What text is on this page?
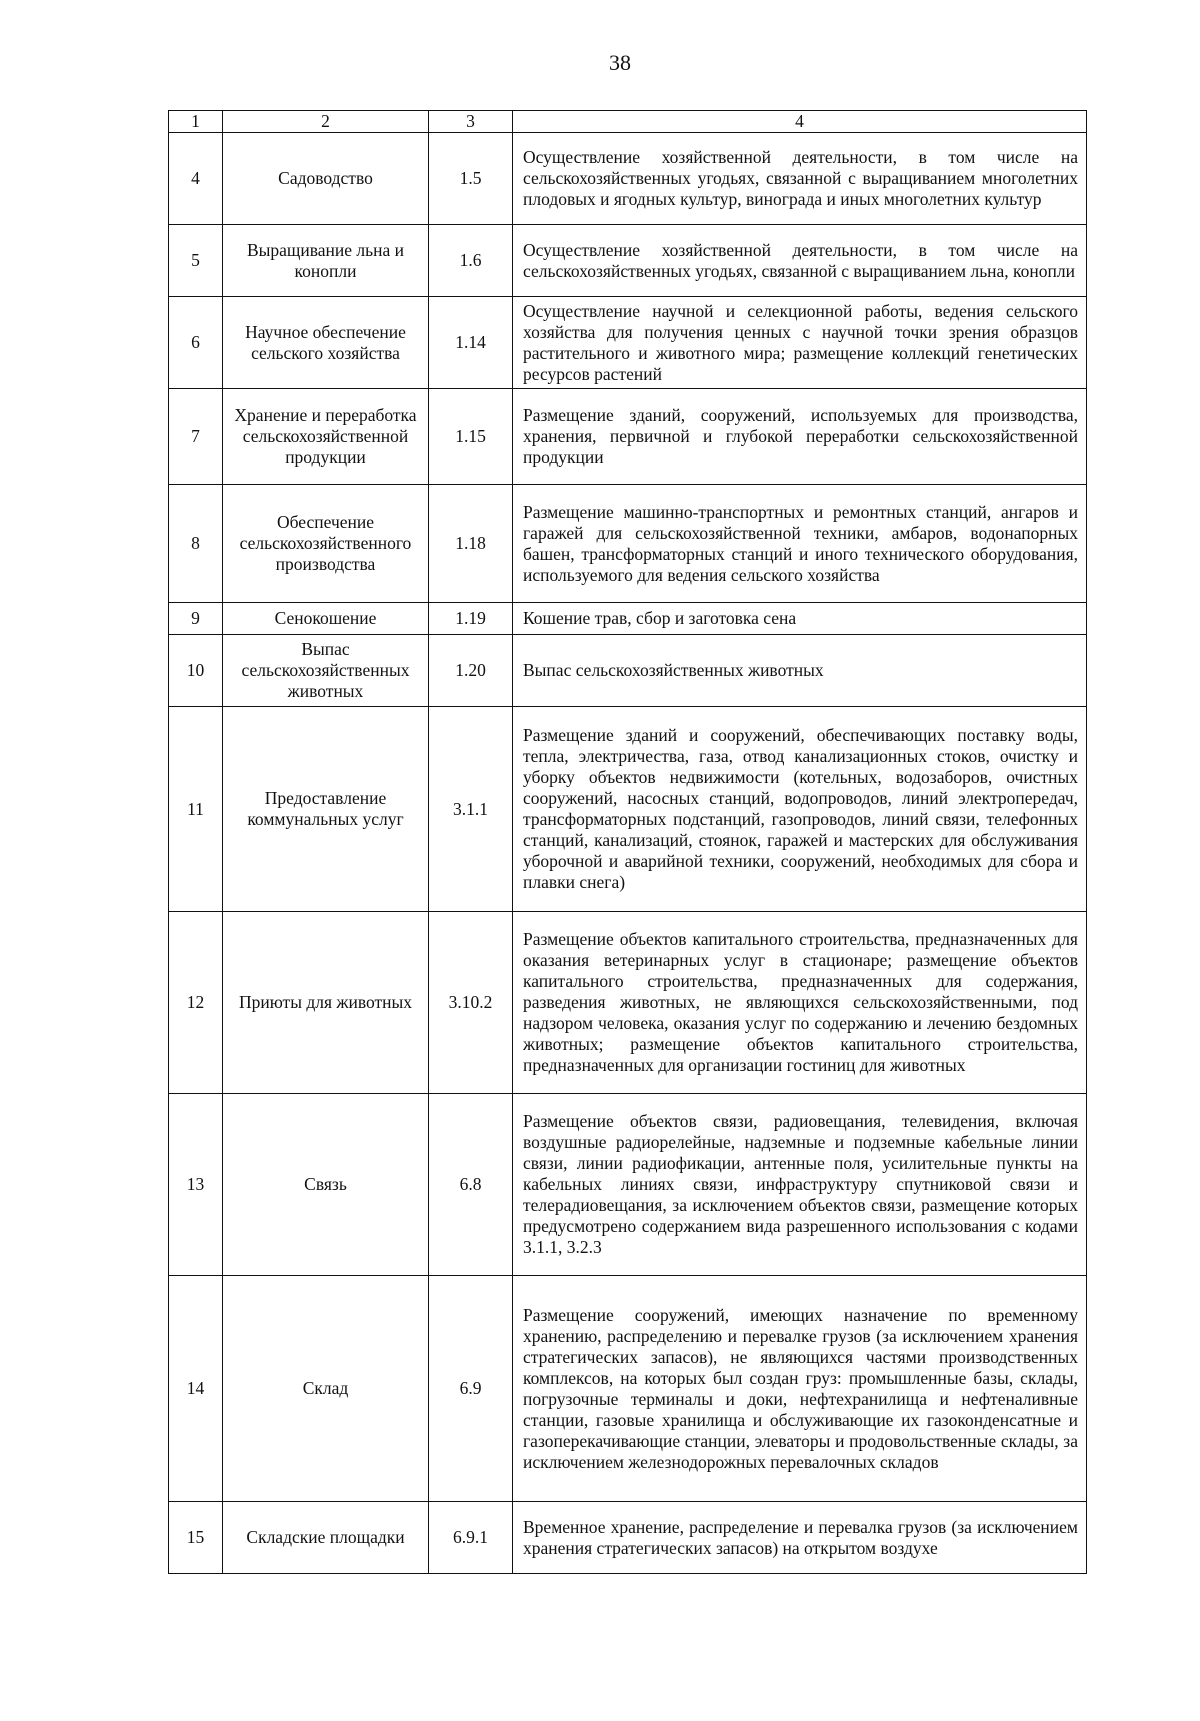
38
1	2	3	4
4	Садоводство	1.5	Осуществление хозяйственной деятельности, в том числе на сельскохозяйственных угодьях, связанной с выращиванием многолетних плодовых и ягодных культур, винограда и иных многолетних культур
5	Выращивание льна и конопли	1.6	Осуществление хозяйственной деятельности, в том числе на сельскохозяйственных угодьях, связанной с выращиванием льна, конопли
6	Научное обеспечение сельского хозяйства	1.14	Осуществление научной и селекционной работы, ведения сельского хозяйства для получения ценных с научной точки зрения образцов растительного и животного мира; размещение коллекций генетических ресурсов растений
7	Хранение и переработка сельскохозяйственной продукции	1.15	Размещение зданий, сооружений, используемых для производства, хранения, первичной и глубокой переработки сельскохозяйственной продукции
8	Обеспечение сельскохозяйственного производства	1.18	Размещение машинно-транспортных и ремонтных станций, ангаров и гаражей для сельскохозяйственной техники, амбаров, водонапорных башен, трансформаторных станций и иного технического оборудования, используемого для ведения сельского хозяйства
9	Сенокошение	1.19	Кошение трав, сбор и заготовка сена
10	Выпас сельскохозяйственных животных	1.20	Выпас сельскохозяйственных животных
11	Предоставление коммунальных услуг	3.1.1	Размещение зданий и сооружений, обеспечивающих поставку воды, тепла, электричества, газа, отвод канализационных стоков, очистку и уборку объектов недвижимости (котельных, водозаборов, очистных сооружений, насосных станций, водопроводов, линий электропередач, трансформаторных подстанций, газопроводов, линий связи, телефонных станций, канализаций, стоянок, гаражей и мастерских для обслуживания уборочной и аварийной техники, сооружений, необходимых для сбора и плавки снега)
12	Приюты для животных	3.10.2	Размещение объектов капитального строительства, предназначенных для оказания ветеринарных услуг в стационаре; размещение объектов капитального строительства, предназначенных для содержания, разведения животных, не являющихся сельскохозяйственными, под надзором человека, оказания услуг по содержанию и лечению бездомных животных; размещение объектов капитального строительства, предназначенных для организации гостиниц для животных
13	Связь	6.8	Размещение объектов связи, радиовещания, телевидения, включая воздушные радиорелейные, надземные и подземные кабельные линии связи, линии радиофикации, антенные поля, усилительные пункты на кабельных линиях связи, инфраструктуру спутниковой связи и телерадиовещания, за исключением объектов связи, размещение которых предусмотрено содержанием вида разрешенного использования с кодами 3.1.1, 3.2.3
14	Склад	6.9	Размещение сооружений, имеющих назначение по временному хранению, распределению и перевалке грузов (за исключением хранения стратегических запасов), не являющихся частями производственных комплексов, на которых был создан груз: промышленные базы, склады, погрузочные терминалы и доки, нефтехранилища и нефтеналивные станции, газовые хранилища и обслуживающие их газоконденсатные и газоперекачивающие станции, элеваторы и продовольственные склады, за исключением железнодорожных перевалочных складов
15	Складские площадки	6.9.1	Временное хранение, распределение и перевалка грузов (за исключением хранения стратегических запасов) на открытом воздухе
